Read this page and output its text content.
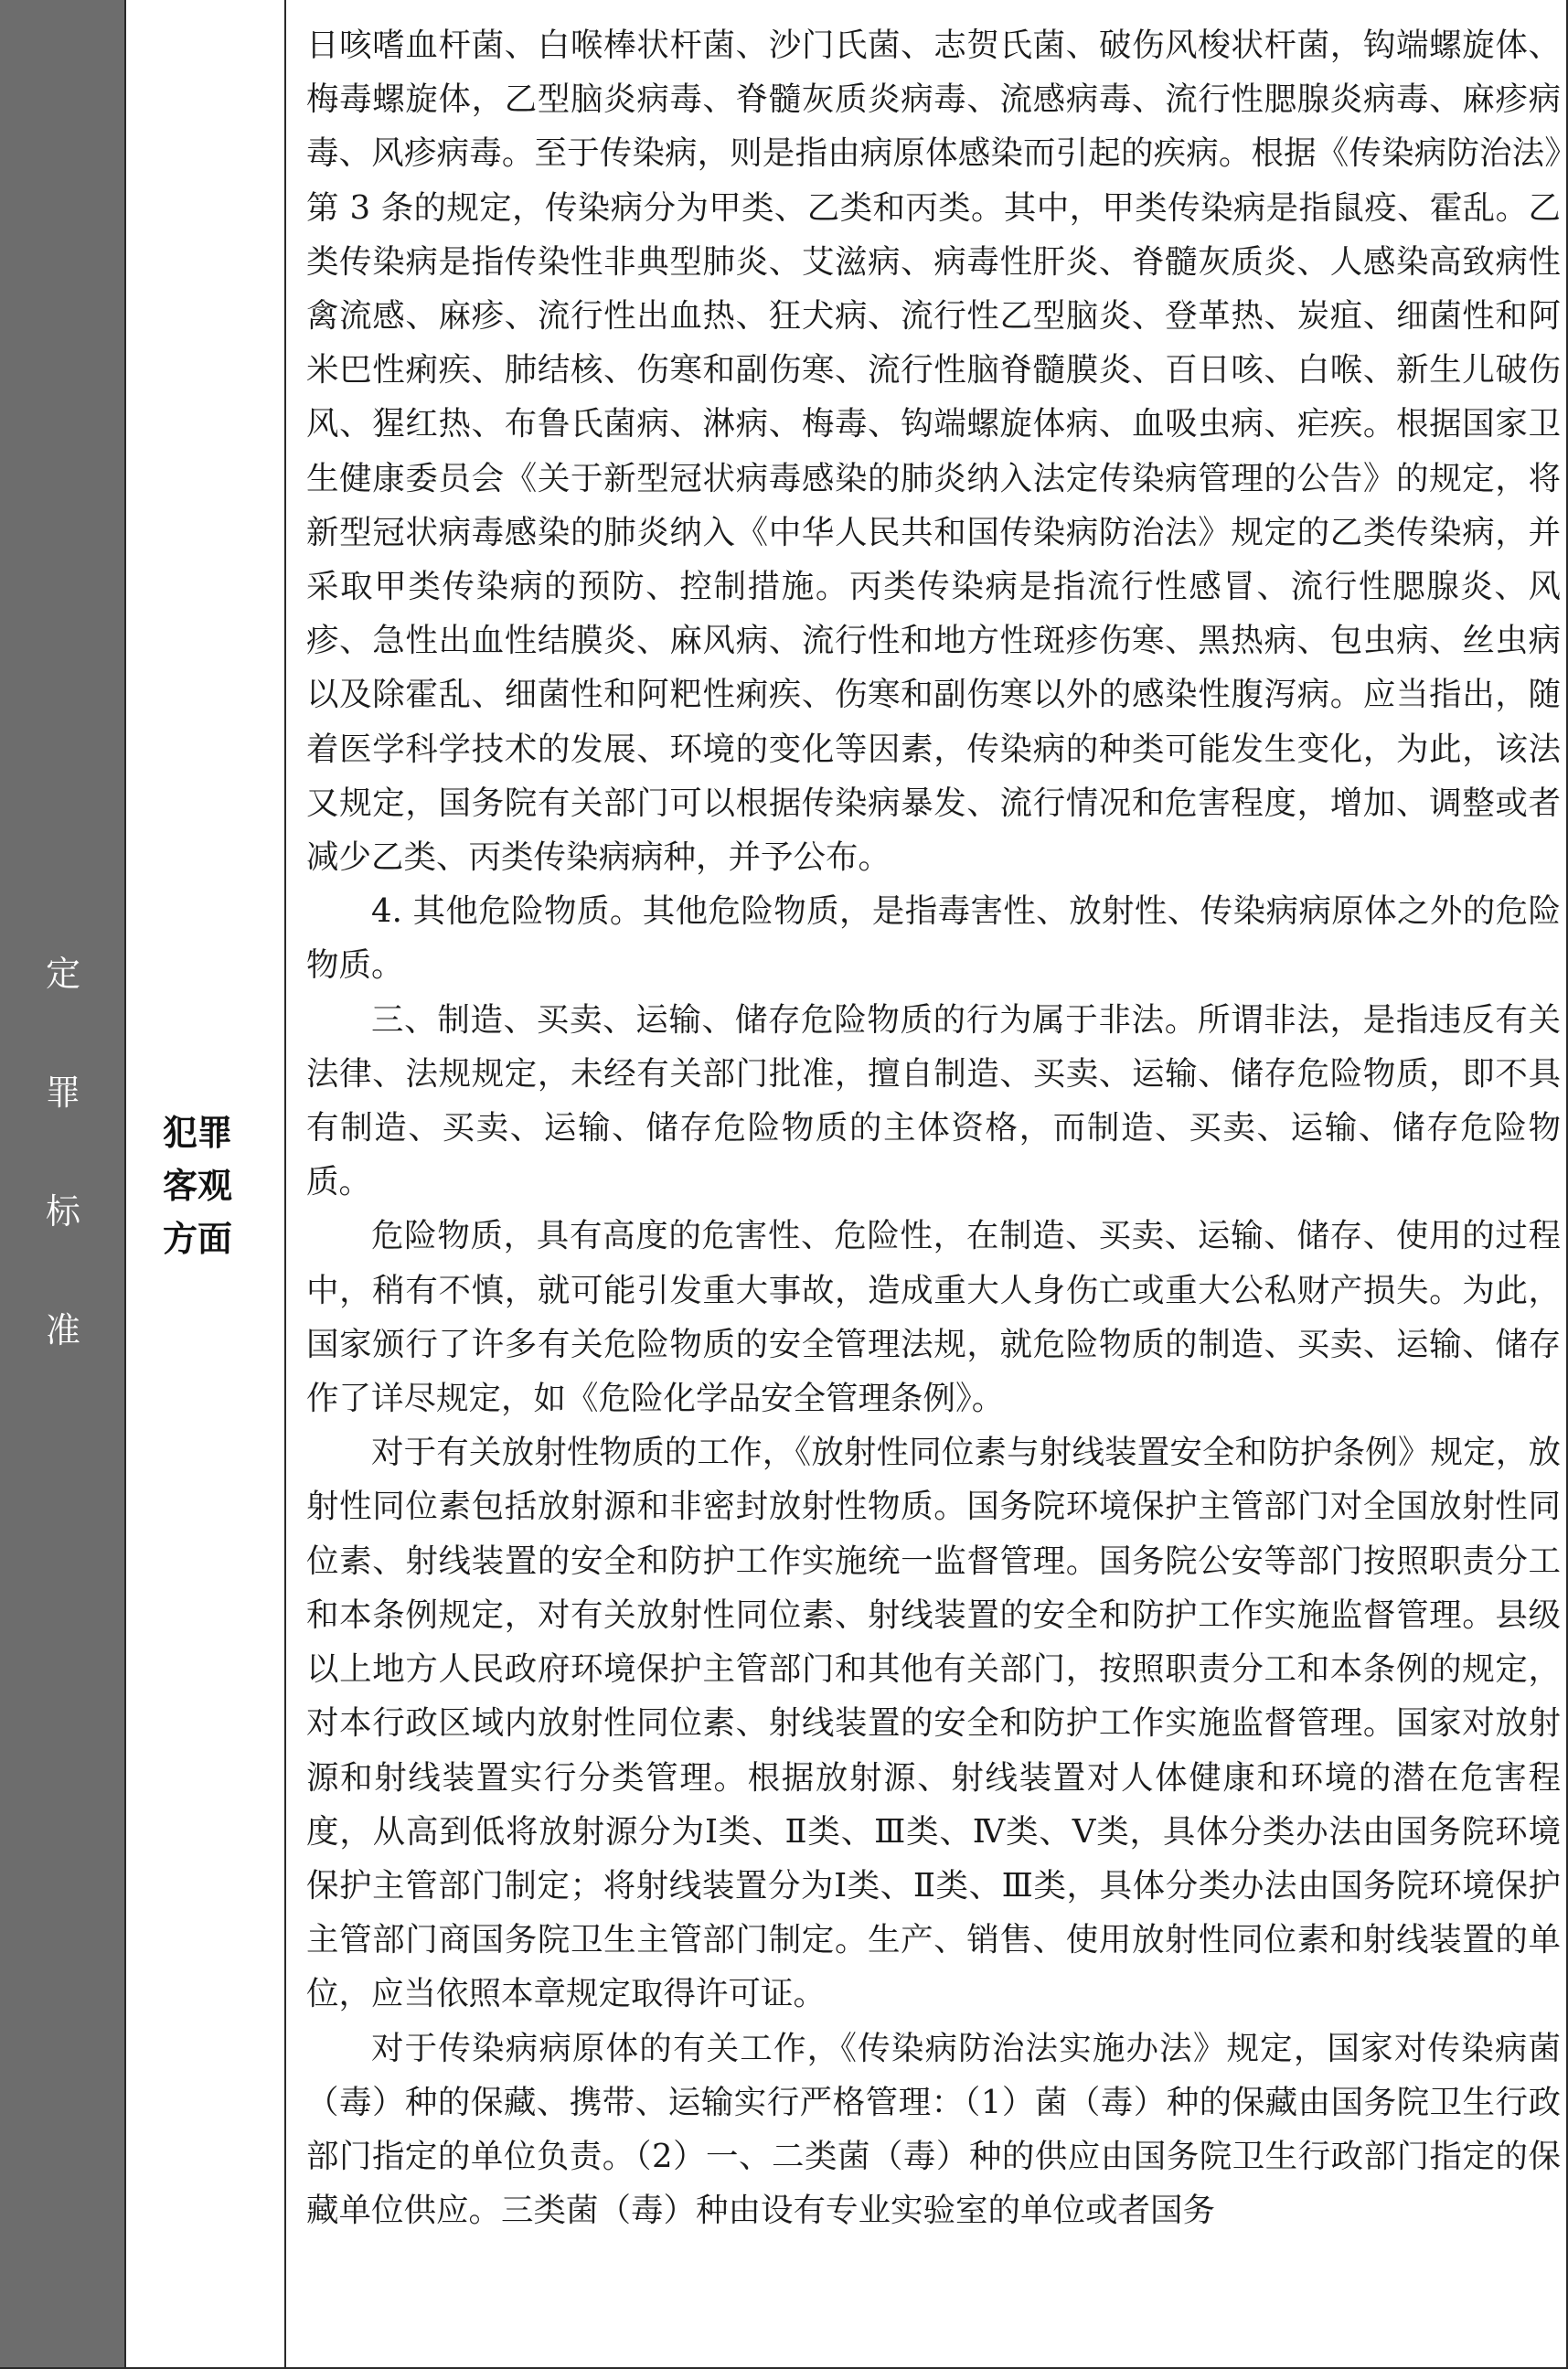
定
罪
标
准
犯罪
客观
方面

日咳嗜血杆菌、白喉棒状杆菌、沙门氏菌、志贺氏菌、破伤风梭状杆菌，钩端螺旋体、梅毒螺旋体，乙型脑炎病毒、脊髓灰质炎病毒、流感病毒、流行性腮腺炎病毒、麻疹病毒、风疹病毒。至于传染病，则是指由病原体感染而引起的疾病。根据《传染病防治法》第 3 条的规定，传染病分为甲类、乙类和丙类。其中，甲类传染病是指鼠疫、霍乱。乙类传染病是指传染性非典型肺炎、艾滋病、病毒性肝炎、脊髓灰质炎、人感染高致病性禽流感、麻疹、流行性出血热、狂犬病、流行性乙型脑炎、登革热、炭疽、细菌性和阿米巴性痢疾、肺结核、伤寒和副伤寒、流行性脑脊髓膜炎、百日咳、白喉、新生儿破伤风、猩红热、布鲁氏菌病、淋病、梅毒、钩端螺旋体病、血吸虫病、疟疾。根据国家卫生健康委员会《关于新型冠状病毒感染的肺炎纳入法定传染病管理的公告》的规定，将新型冠状病毒感染的肺炎纳入《中华人民共和国传染病防治法》规定的乙类传染病，并采取甲类传染病的预防、控制措施。丙类传染病是指流行性感冒、流行性腮腺炎、风疹、急性出血性结膜炎、麻风病、流行性和地方性斑疹伤寒、黑热病、包虫病、丝虫病以及除霍乱、细菌性和阿粑性痢疾、伤寒和副伤寒以外的感染性腹泻病。应当指出，随着医学科学技术的发展、环境的变化等因素，传染病的种类可能发生变化，为此，该法又规定，国务院有关部门可以根据传染病暴发、流行情况和危害程度，增加、调整或者减少乙类、丙类传染病病种，并予公布。

4. 其他危险物质。其他危险物质，是指毒害性、放射性、传染病病原体之外的危险物质。

三、制造、买卖、运输、储存危险物质的行为属于非法。所谓非法，是指违反有关法律、法规规定，未经有关部门批准，擅自制造、买卖、运输、储存危险物质，即不具有制造、买卖、运输、储存危险物质的主体资格，而制造、买卖、运输、储存危险物质。

危险物质，具有高度的危害性、危险性，在制造、买卖、运输、储存、使用的过程中，稍有不慎，就可能引发重大事故，造成重大人身伤亡或重大公私财产损失。为此，国家颁行了许多有关危险物质的安全管理法规，就危险物质的制造、买卖、运输、储存作了详尽规定，如《危险化学品安全管理条例》。

对于有关放射性物质的工作，《放射性同位素与射线装置安全和防护条例》规定，放射性同位素包括放射源和非密封放射性物质。国务院环境保护主管部门对全国放射性同位素、射线装置的安全和防护工作实施统一监督管理。国务院公安等部门按照职责分工和本条例规定，对有关放射性同位素、射线装置的安全和防护工作实施监督管理。县级以上地方人民政府环境保护主管部门和其他有关部门，按照职责分工和本条例的规定，对本行政区域内放射性同位素、射线装置的安全和防护工作实施监督管理。国家对放射源和射线装置实行分类管理。根据放射源、射线装置对人体健康和环境的潜在危害程度，从高到低将放射源分为Ⅰ类、Ⅱ类、Ⅲ类、Ⅳ类、Ⅴ类，具体分类办法由国务院环境保护主管部门制定；将射线装置分为Ⅰ类、Ⅱ类、Ⅲ类，具体分类办法由国务院环境保护主管部门商国务院卫生主管部门制定。生产、销售、使用放射性同位素和射线装置的单位，应当依照本章规定取得许可证。

对于传染病病原体的有关工作，《传染病防治法实施办法》规定，国家对传染病菌（毒）种的保藏、携带、运输实行严格管理：（1）菌（毒）种的保藏由国务院卫生行政部门指定的单位负责。（2）一、二类菌（毒）种的供应由国务院卫生行政部门指定的保藏单位供应。三类菌（毒）种由设有专业实验室的单位或者国务
